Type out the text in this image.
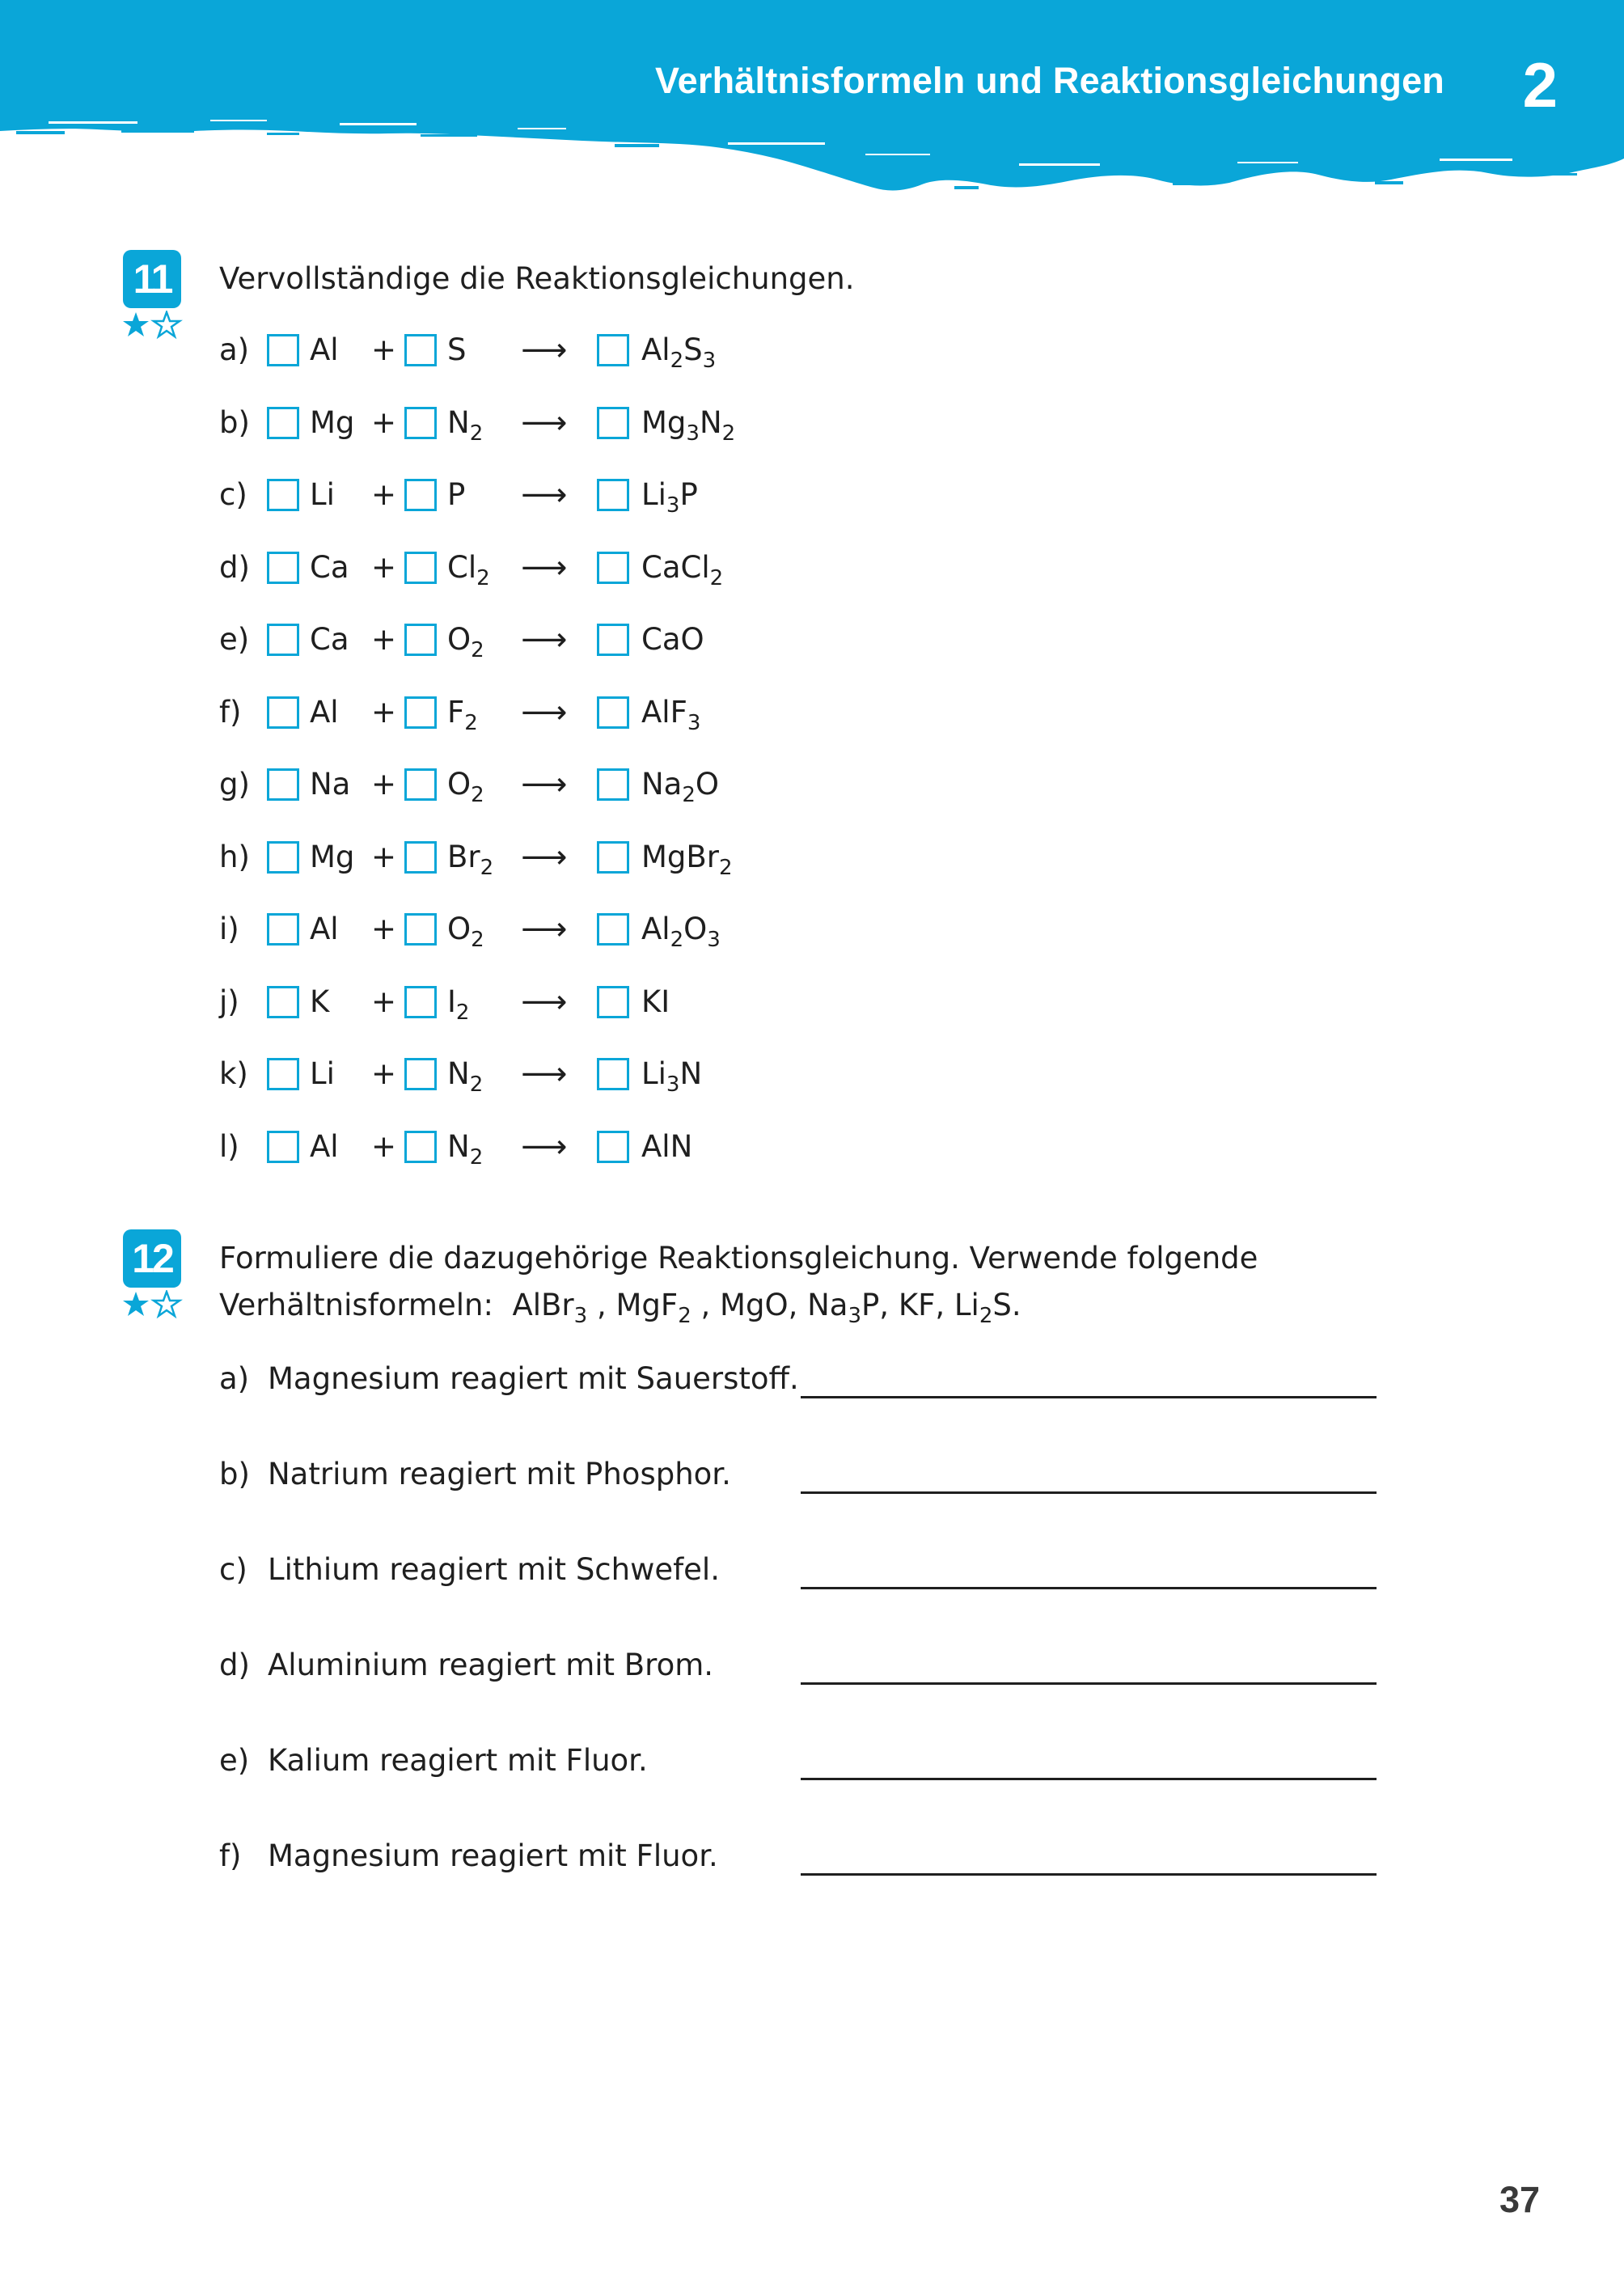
Verhältnisformeln und Reaktionsgleichungen 2
11	Vervollständige die Reaktionsgleichungen.
a) Al + S ⟶ $Al_2S_3$
b) $Mg + N_2$ ⟶ $Mg_3N_2$
c) Li + P ⟶ $Li_3P$
d) $Ca + Cl_2$ ⟶ CaCl$_2$
e) $Ca + O_2$ ⟶ CaO
f) $Al + F_2$ ⟶ AlF$_3$
g) $Na + O_2$ ⟶ $Na_2O$
h) $Mg + Br_2$ ⟶ MgBr$_2$
i) $Al + O_2$ ⟶ $Al_2O_3$
j) $K + I_2$ ⟶ KI
k) $Li + N_2$ ⟶ $Li_3N$
l) $Al + N_2$ ⟶ AlN
12	Formuliere die dazugehörige Reaktionsgleichung. Verwende folgende
Verhältnisformeln: AlBr$_3$ , MgF$_2$ , MgO, $Na_3P$, KF, $Li_2S$.
a) Magnesium reagiert mit Sauerstoff.
b) Natrium reagiert mit Phosphor.
c) Lithium reagiert mit Schwefel.
d) Aluminium reagiert mit Brom.
e) Kalium reagiert mit Fluor.
f) Magnesium reagiert mit Fluor.
37
